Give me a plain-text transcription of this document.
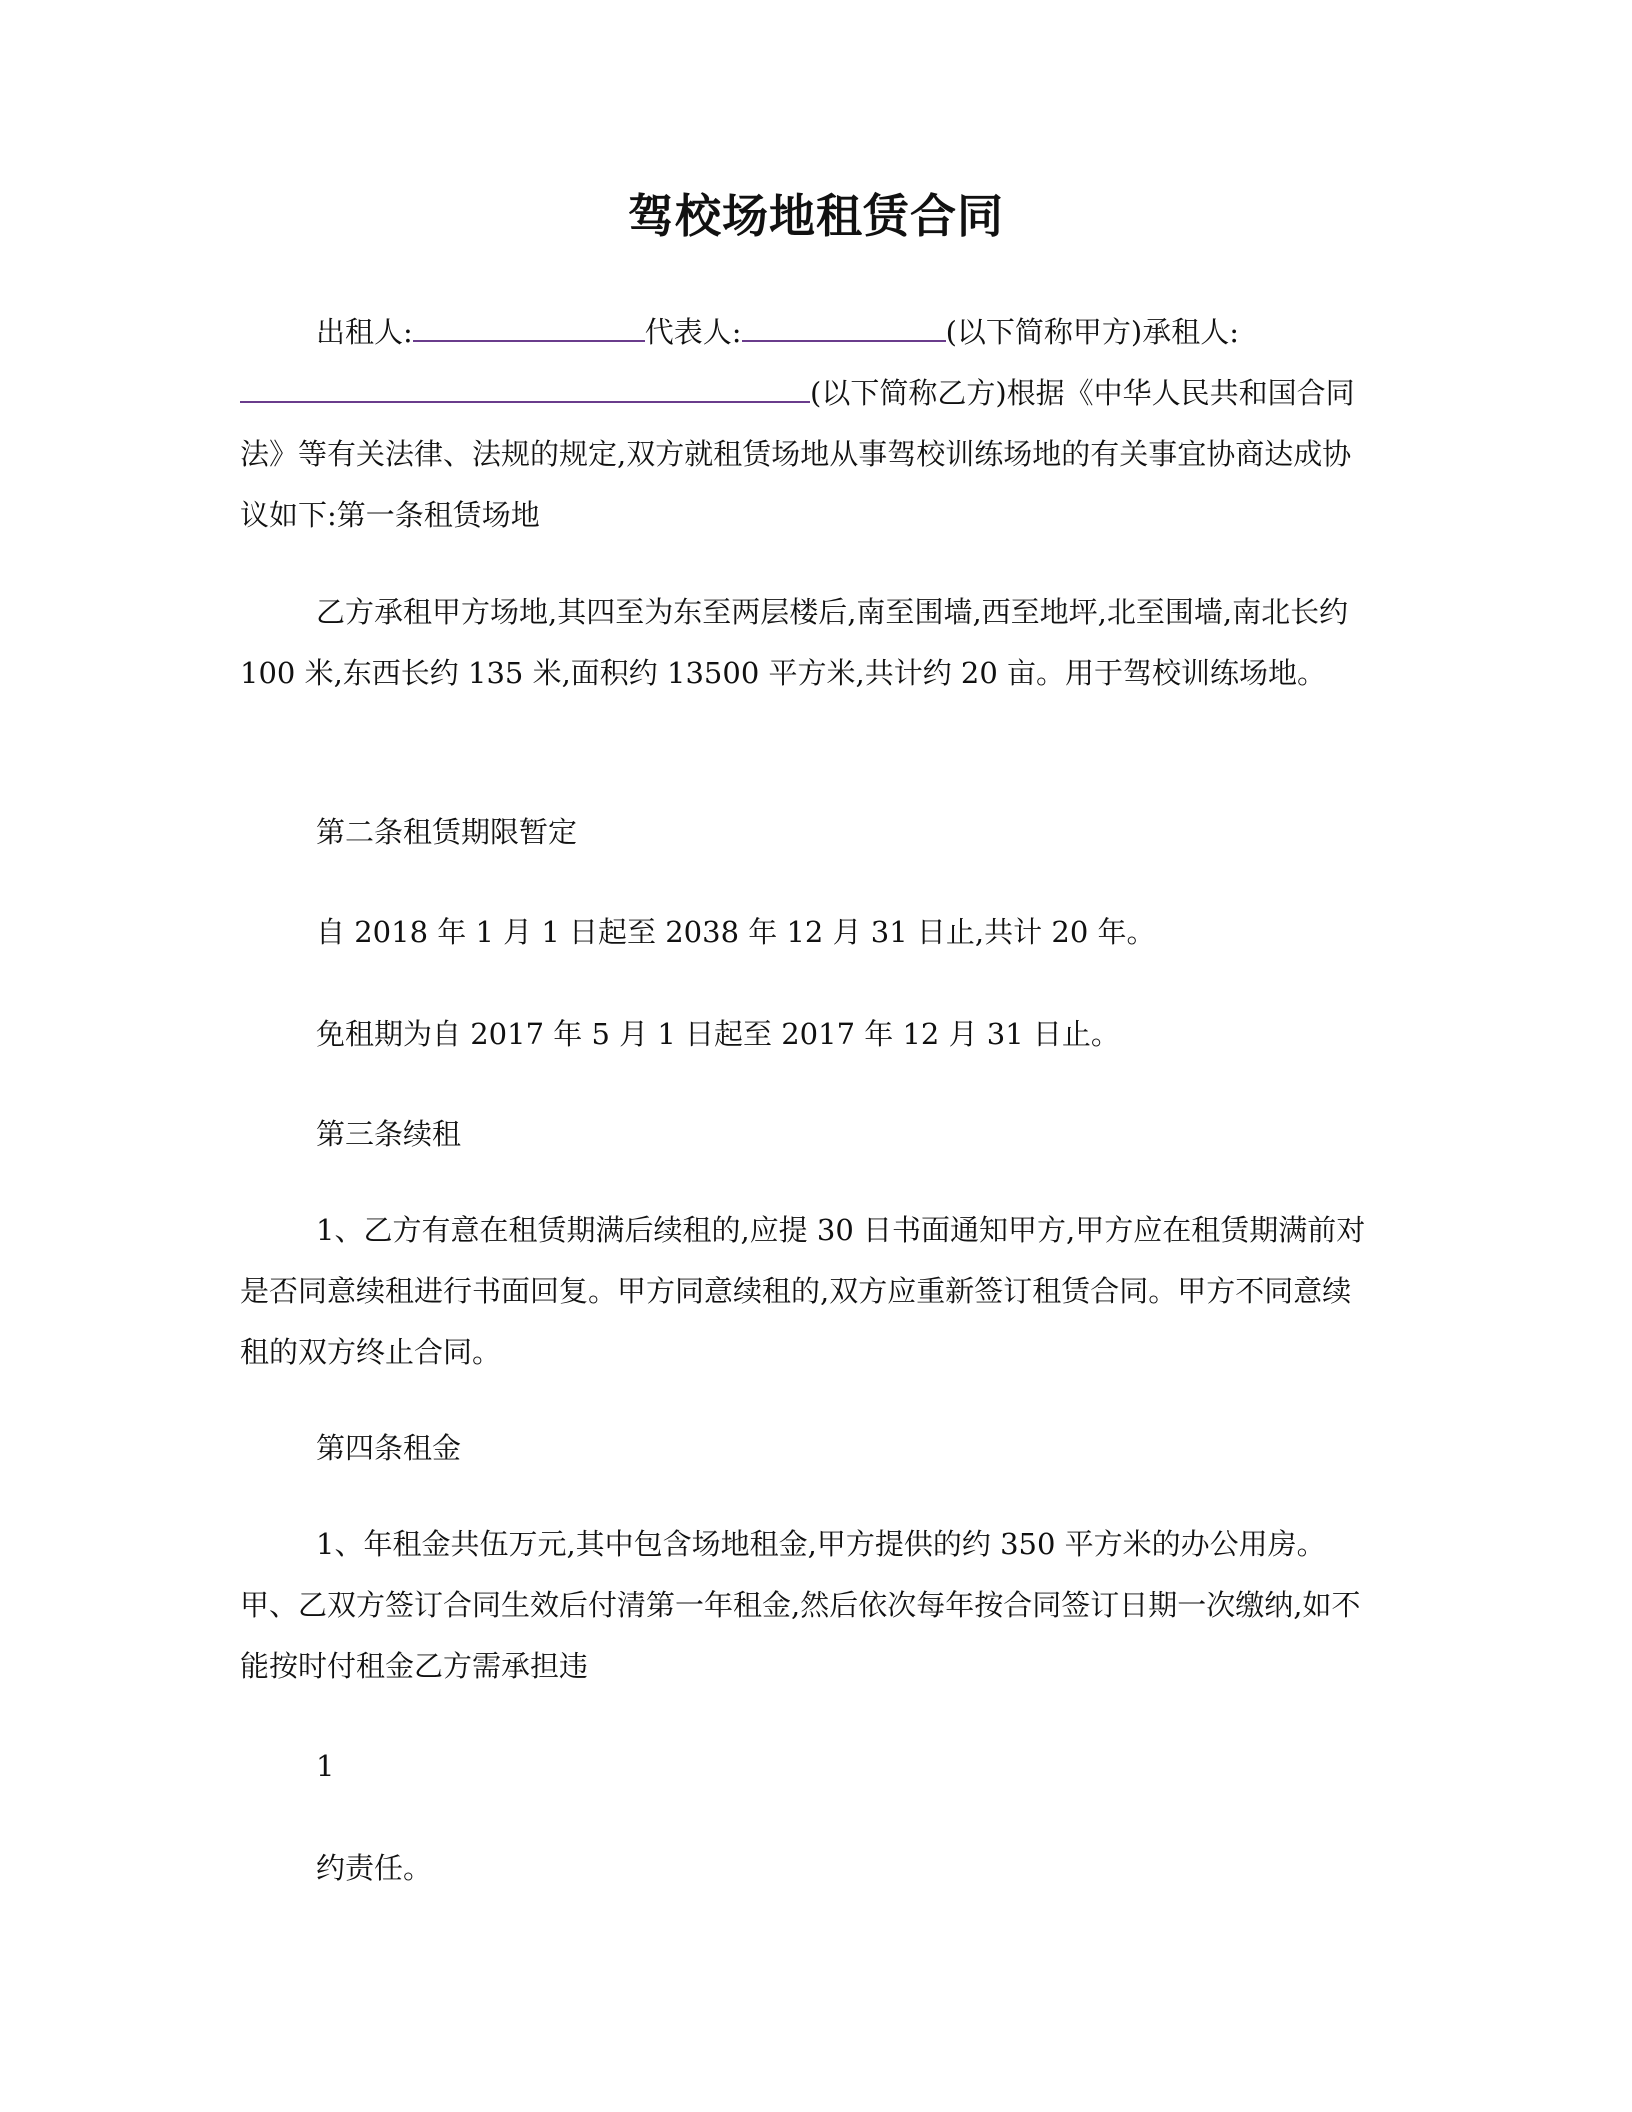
驾校场地租赁合同
出租人:	代表人:	(以下简称甲方)承租人:(以下简称乙方)根据《中华人民共和国合同法》等有关法律、法规的规定,双方就租赁场地从事驾校训练场地的有关事宜协商达成协议如下:第一条租赁场地
乙方承租甲方场地,其四至为东至两层楼后,南至围墙,西至地坪,北至围墙,南北长约 100 米,东西长约 135 米,面积约 13500 平方米,共计约 20 亩。用于驾校训练场地。
第二条租赁期限暂定
自 2018 年 1 月 1 日起至 2038 年 12 月 31 日止,共计 20 年。
免租期为自 2017 年 5 月 1 日起至 2017 年 12 月 31 日止。
第三条续租
1、乙方有意在租赁期满后续租的,应提 30 日书面通知甲方,甲方应在租赁期满前对是否同意续租进行书面回复。甲方同意续租的,双方应重新签订租赁合同。甲方不同意续租的双方终止合同。
第四条租金
1、年租金共伍万元,其中包含场地租金,甲方提供的约 350 平方米的办公用房。甲、乙双方签订合同生效后付清第一年租金,然后依次每年按合同签订日期一次缴纳,如不能按时付租金乙方需承担违
1
约责任。
